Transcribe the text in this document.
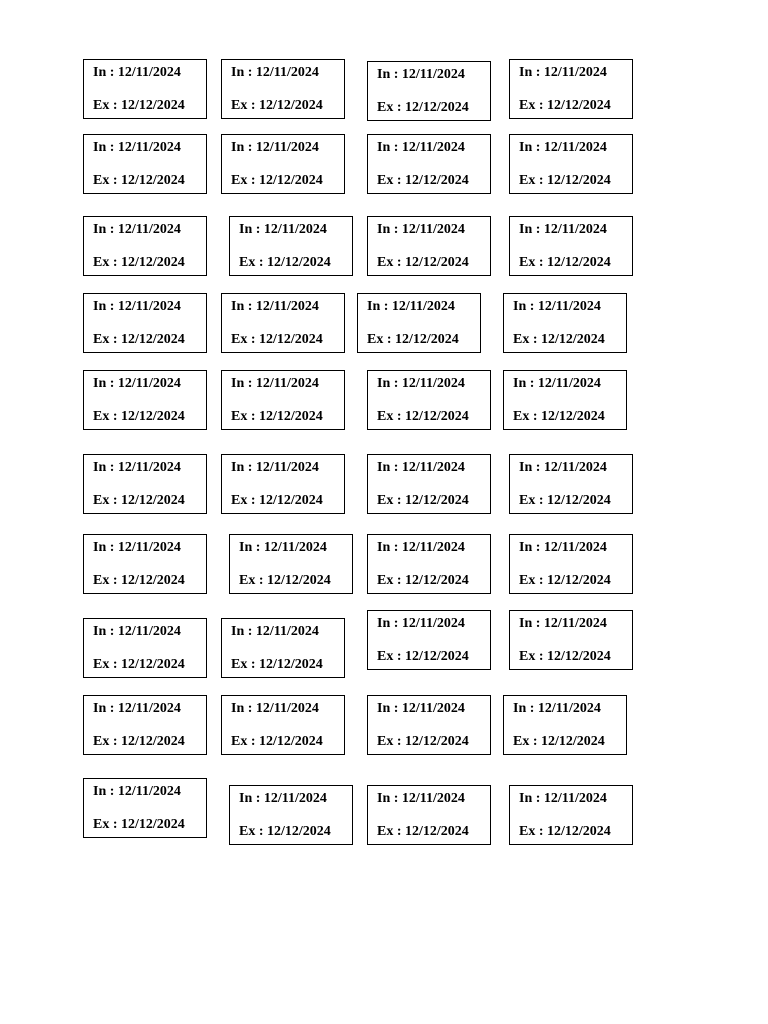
In : 12/11/2024
Ex : 12/12/2024
In : 12/11/2024
Ex : 12/12/2024
In : 12/11/2024
Ex : 12/12/2024
In : 12/11/2024
Ex : 12/12/2024
In : 12/11/2024
Ex : 12/12/2024
In : 12/11/2024
Ex : 12/12/2024
In : 12/11/2024
Ex : 12/12/2024
In : 12/11/2024
Ex : 12/12/2024
In : 12/11/2024
Ex : 12/12/2024
In : 12/11/2024
Ex : 12/12/2024
In : 12/11/2024
Ex : 12/12/2024
In : 12/11/2024
Ex : 12/12/2024
In : 12/11/2024
Ex : 12/12/2024
In : 12/11/2024
Ex : 12/12/2024
In : 12/11/2024
Ex : 12/12/2024
In : 12/11/2024
Ex : 12/12/2024
In : 12/11/2024
Ex : 12/12/2024
In : 12/11/2024
Ex : 12/12/2024
In : 12/11/2024
Ex : 12/12/2024
In : 12/11/2024
Ex : 12/12/2024
In : 12/11/2024
Ex : 12/12/2024
In : 12/11/2024
Ex : 12/12/2024
In : 12/11/2024
Ex : 12/12/2024
In : 12/11/2024
Ex : 12/12/2024
In : 12/11/2024
Ex : 12/12/2024
In : 12/11/2024
Ex : 12/12/2024
In : 12/11/2024
Ex : 12/12/2024
In : 12/11/2024
Ex : 12/12/2024
In : 12/11/2024
Ex : 12/12/2024
In : 12/11/2024
Ex : 12/12/2024
In : 12/11/2024
Ex : 12/12/2024
In : 12/11/2024
Ex : 12/12/2024
In : 12/11/2024
Ex : 12/12/2024
In : 12/11/2024
Ex : 12/12/2024
In : 12/11/2024
Ex : 12/12/2024
In : 12/11/2024
Ex : 12/12/2024
In : 12/11/2024
Ex : 12/12/2024
In : 12/11/2024
Ex : 12/12/2024
In : 12/11/2024
Ex : 12/12/2024
In : 12/11/2024
Ex : 12/12/2024
